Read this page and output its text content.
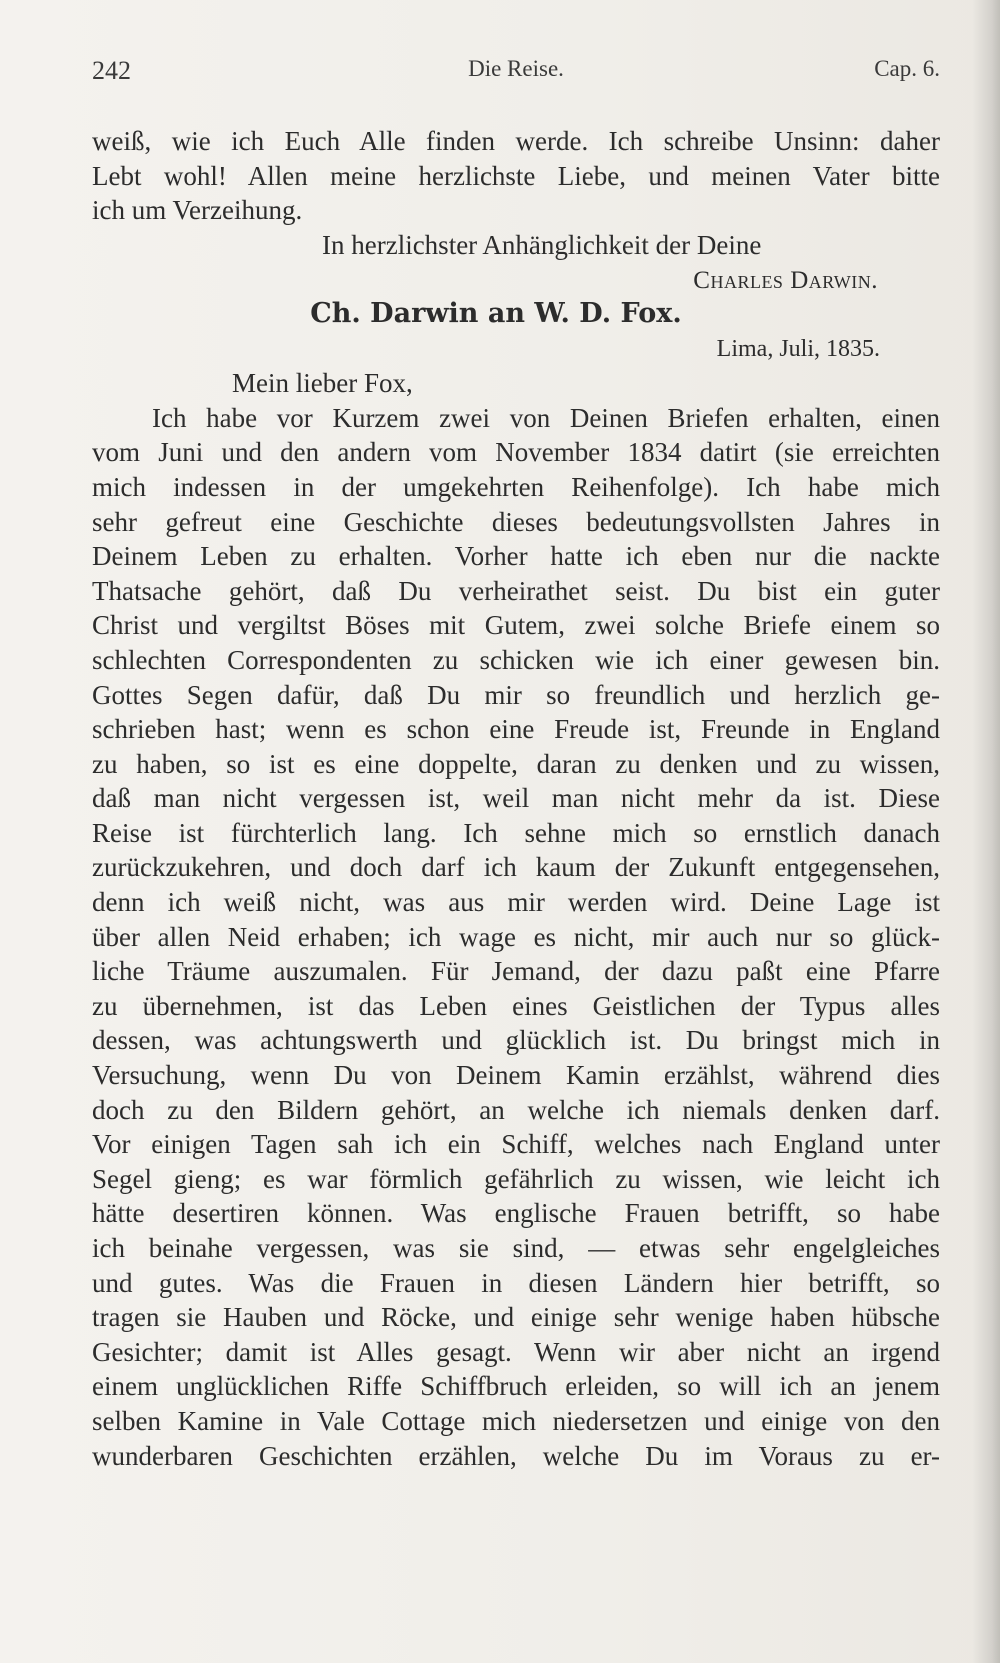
242	Die Reise.	Cap. 6.
weiß, wie ich Euch Alle finden werde. Ich schreibe Unsinn: daher
Lebt wohl! Allen meine herzlichste Liebe, und meinen Vater bitte
ich um Verzeihung.
In herzlichster Anhänglichkeit der Deine
Charles Darwin.
Ch. Darwin an W. D. Fox.
Lima, Juli, 1835.
Mein lieber Fox,
Ich habe vor Kurzem zwei von Deinen Briefen erhalten, einen
vom Juni und den andern vom November 1834 datirt (sie erreichten
mich indessen in der umgekehrten Reihenfolge). Ich habe mich
sehr gefreut eine Geschichte dieses bedeutungsvollsten Jahres in
Deinem Leben zu erhalten. Vorher hatte ich eben nur die nackte
Thatsache gehört, daß Du verheirathet seist. Du bist ein guter
Christ und vergiltst Böses mit Gutem, zwei solche Briefe einem so
schlechten Correspondenten zu schicken wie ich einer gewesen bin.
Gottes Segen dafür, daß Du mir so freundlich und herzlich ge-
schrieben hast; wenn es schon eine Freude ist, Freunde in England
zu haben, so ist es eine doppelte, daran zu denken und zu wissen,
daß man nicht vergessen ist, weil man nicht mehr da ist. Diese
Reise ist fürchterlich lang. Ich sehne mich so ernstlich danach
zurückzukehren, und doch darf ich kaum der Zukunft entgegensehen,
denn ich weiß nicht, was aus mir werden wird. Deine Lage ist
über allen Neid erhaben; ich wage es nicht, mir auch nur so glück-
liche Träume auszumalen. Für Jemand, der dazu paßt eine Pfarre
zu übernehmen, ist das Leben eines Geistlichen der Typus alles
dessen, was achtungswerth und glücklich ist. Du bringst mich in
Versuchung, wenn Du von Deinem Kamin erzählst, während dies
doch zu den Bildern gehört, an welche ich niemals denken darf.
Vor einigen Tagen sah ich ein Schiff, welches nach England unter
Segel gieng; es war förmlich gefährlich zu wissen, wie leicht ich
hätte desertiren können. Was englische Frauen betrifft, so habe
ich beinahe vergessen, was sie sind, — etwas sehr engelgleiches
und gutes. Was die Frauen in diesen Ländern hier betrifft, so
tragen sie Hauben und Röcke, und einige sehr wenige haben hübsche
Gesichter; damit ist Alles gesagt. Wenn wir aber nicht an irgend
einem unglücklichen Riffe Schiffbruch erleiden, so will ich an jenem
selben Kamine in Vale Cottage mich niedersetzen und einige von den
wunderbaren Geschichten erzählen, welche Du im Voraus zu er-
